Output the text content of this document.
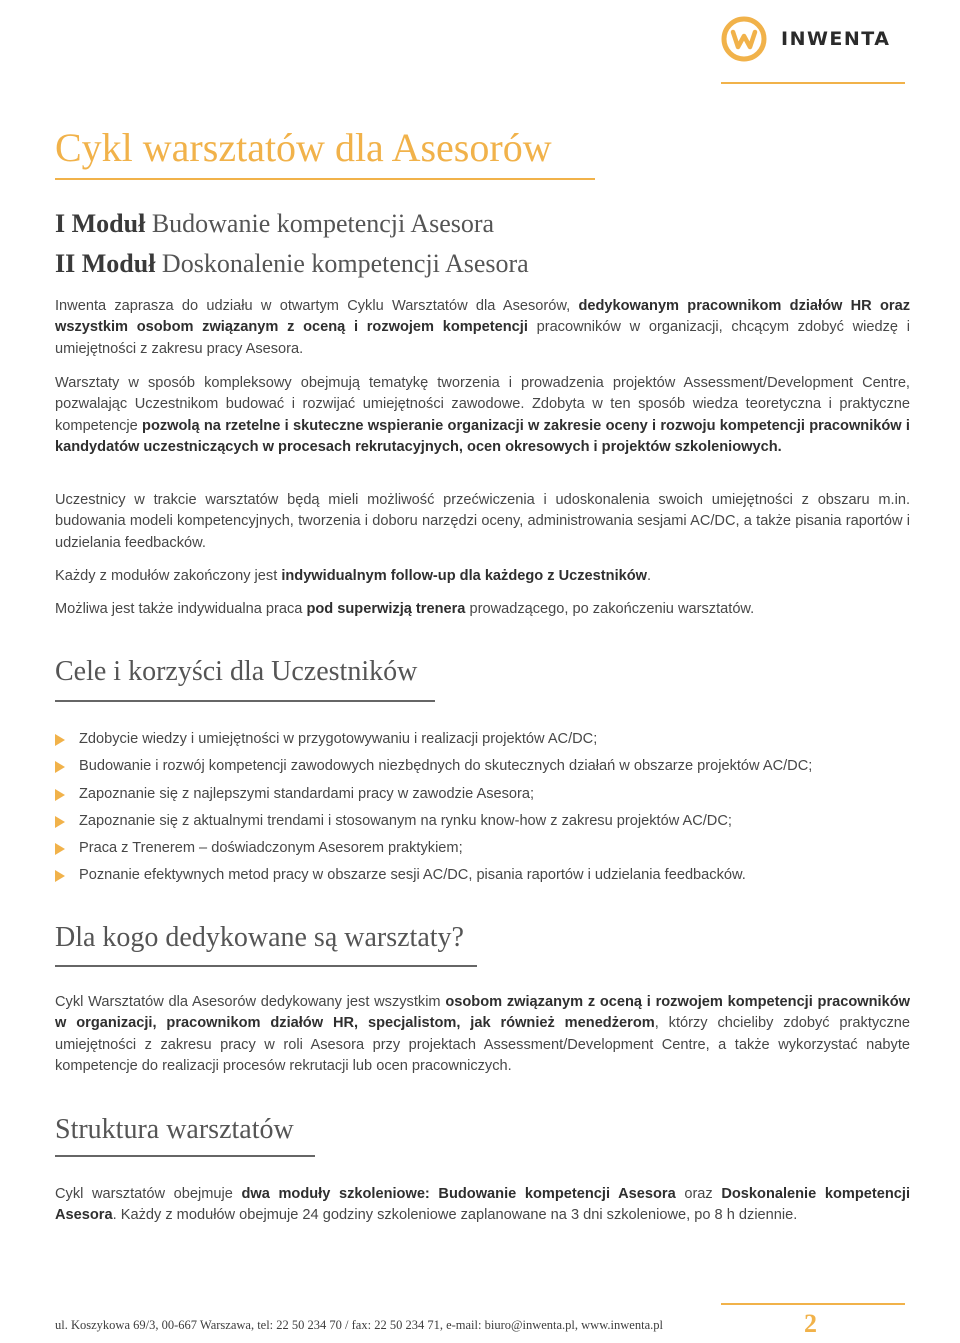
INWENTA
Cykl warsztatów dla Asesorów
I Moduł Budowanie kompetencji Asesora
II Moduł Doskonalenie kompetencji Asesora

Inwenta zaprasza do udziału w otwartym Cyklu Warsztatów dla Asesorów, dedykowanym pracownikom działów HR oraz wszystkim osobom związanym z oceną i rozwojem kompetencji pracowników w organizacji, chcącym zdobyć wiedzę i umiejętności z zakresu pracy Asesora.

Warsztaty w sposób kompleksowy obejmują tematykę tworzenia i prowadzenia projektów Assessment/Development Centre, pozwalając Uczestnikom budować i rozwijać umiejętności zawodowe. Zdobyta w ten sposób wiedza teoretyczna i praktyczne kompetencje pozwolą na rzetelne i skuteczne wspieranie organizacji w zakresie oceny i rozwoju kompetencji pracowników i kandydatów uczestniczących w procesach rekrutacyjnych, ocen okresowych i projektów szkoleniowych.

Uczestnicy w trakcie warsztatów będą mieli możliwość przećwiczenia i udoskonalenia swoich umiejętności z obszaru m.in. budowania modeli kompetencyjnych, tworzenia i doboru narzędzi oceny, administrowania sesjami AC/DC, a także pisania raportów i udzielania feedbacków.

Każdy z modułów zakończony jest indywidualnym follow-up dla każdego z Uczestników.

Możliwa jest także indywidualna praca pod superwizją trenera prowadzącego, po zakończeniu warsztatów.

Cele i korzyści dla Uczestników
Zdobycie wiedzy i umiejętności w przygotowywaniu i realizacji projektów AC/DC;
Budowanie i rozwój kompetencji zawodowych niezbędnych do skutecznych działań w obszarze projektów AC/DC;
Zapoznanie się z najlepszymi standardami pracy w zawodzie Asesora;
Zapoznanie się z aktualnymi trendami i stosowanym na rynku know-how z zakresu projektów AC/DC;
Praca z Trenerem – doświadczonym Asesorem praktykiem;
Poznanie efektywnych metod pracy w obszarze sesji AC/DC, pisania raportów i udzielania feedbacków.
Dla kogo dedykowane są warsztaty?

Cykl Warsztatów dla Asesorów dedykowany jest wszystkim osobom związanym z oceną i rozwojem kompetencji pracowników w organizacji, pracownikom działów HR, specjalistom, jak również menedżerom, którzy chcieliby zdobyć praktyczne umiejętności z zakresu pracy w roli Asesora przy projektach Assessment/Development Centre, a także wykorzystać nabyte kompetencje do realizacji procesów rekrutacji lub ocen pracowniczych.

Struktura warsztatów

Cykl warsztatów obejmuje dwa moduły szkoleniowe: Budowanie kompetencji Asesora oraz Doskonalenie kompetencji Asesora. Każdy z modułów obejmuje 24 godziny szkoleniowe zaplanowane na 3 dni szkoleniowe, po 8 h dziennie.

ul. Koszykowa 69/3, 00-667 Warszawa, tel: 22 50 234 70 / fax: 22 50 234 71, e-mail: biuro@inwenta.pl, www.inwenta.pl	2
